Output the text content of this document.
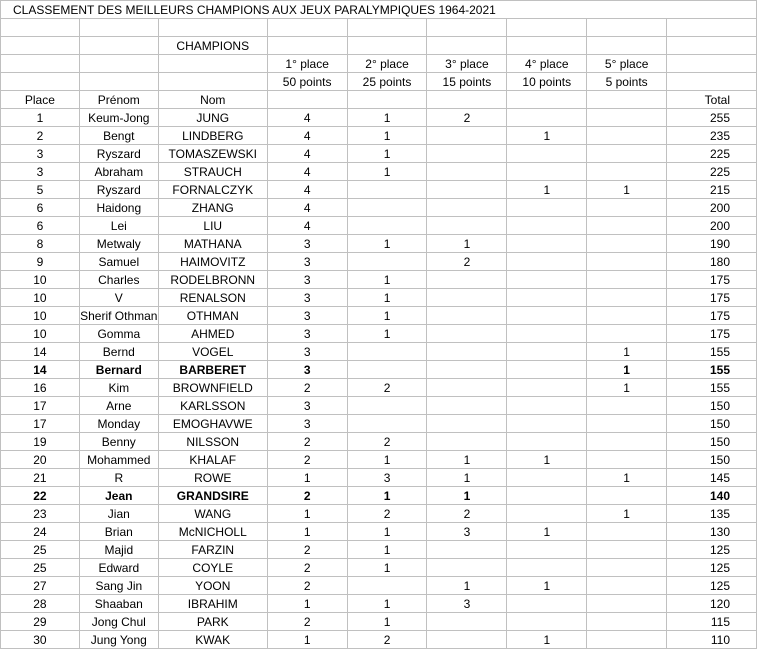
CLASSEMENT DES MEILLEURS CHAMPIONS AUX JEUX PARALYMPIQUES 1964-2021								

		CHAMPIONS						
			1° place	2° place	3° place	4° place	5° place	
			50 points	25 points	15 points	10 points	5 points	
Place	Prénom	Nom						Total
1	Keum-Jong	JUNG	4	1	2			255
2	Bengt	LINDBERG	4	1		1		235
3	Ryszard	TOMASZEWSKI	4	1				225
3	Abraham	STRAUCH	4	1				225
5	Ryszard	FORNALCZYK	4			1	1	215
6	Haidong	ZHANG	4					200
6	Lei	LIU	4					200
8	Metwaly	MATHANA	3	1	1			190
9	Samuel	HAIMOVITZ	3		2			180
10	Charles	RODELBRONN	3	1				175
10	V	RENALSON	3	1				175
10	Sherif Othman	OTHMAN	3	1				175
10	Gomma	AHMED	3	1				175
14	Bernd	VOGEL	3				1	155
14	Bernard	BARBERET	3				1	155
16	Kim	BROWNFIELD	2	2			1	155
17	Arne	KARLSSON	3					150
17	Monday	EMOGHAVWE	3					150
19	Benny	NILSSON	2	2				150
20	Mohammed	KHALAF	2	1	1	1		150
21	R	ROWE	1	3	1		1	145
22	Jean	GRANDSIRE	2	1	1			140
23	Jian	WANG	1	2	2		1	135
24	Brian	McNICHOLL	1	1	3	1		130
25	Majid	FARZIN	2	1				125
25	Edward	COYLE	2	1				125
27	Sang Jin	YOON	2		1	1		125
28	Shaaban	IBRAHIM	1	1	3			120
29	Jong Chul	PARK	2	1				115
30	Jung Yong	KWAK	1	2		1		110
